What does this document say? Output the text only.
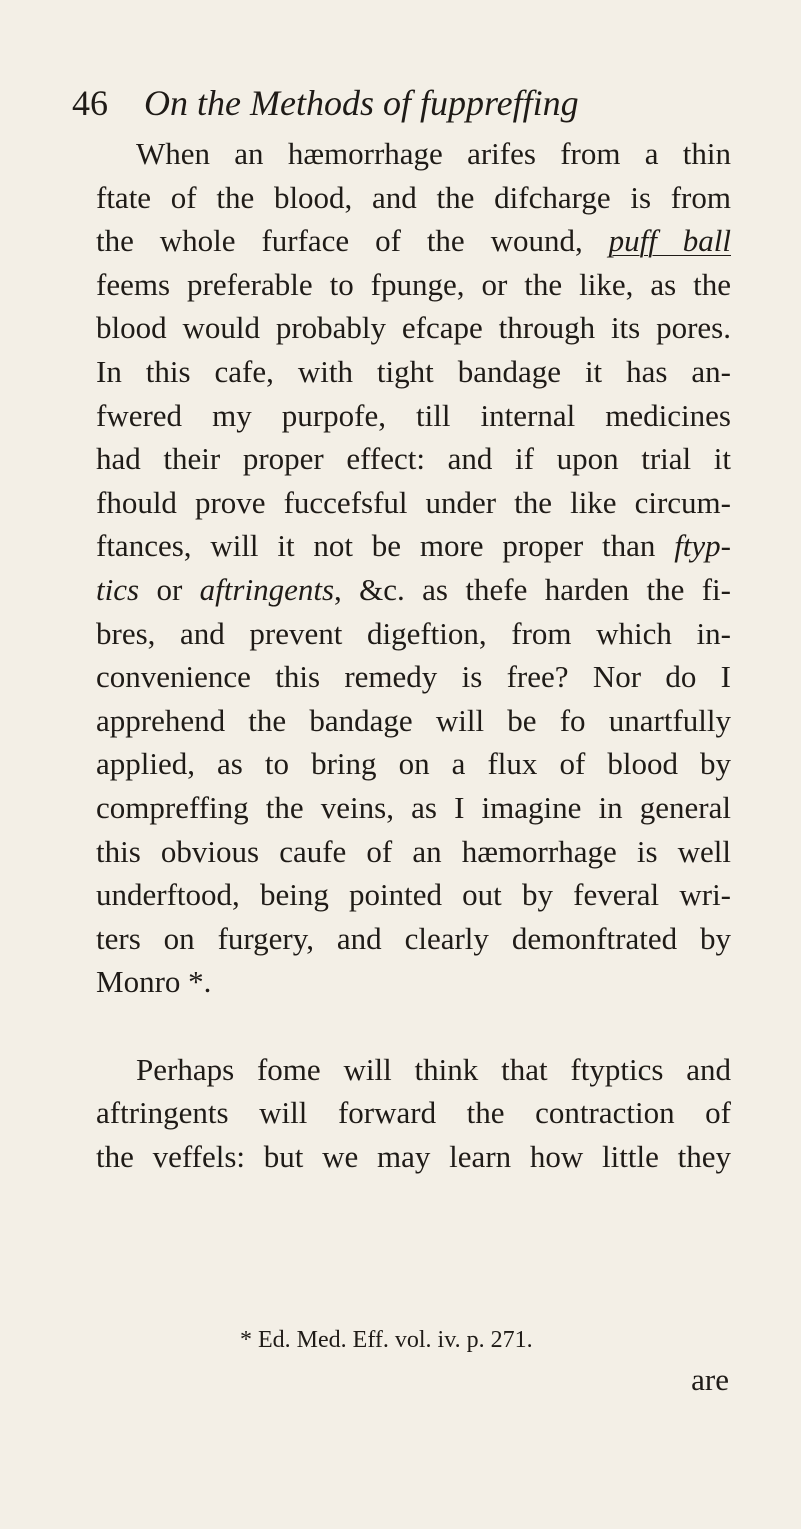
46 On the Methods of fuppreffing
When an hæmorrhage arifes from a thin
ftate of the blood, and the difcharge is from
the whole furface of the wound, puff ball
feems preferable to fpunge, or the like, as the
blood would probably efcape through its pores.
In this cafe, with tight bandage it has an-
fwered my purpofe, till internal medicines
had their proper effect: and if upon trial it
fhould prove fuccefsful under the like circum-
ftances, will it not be more proper than ftyp-
tics or aftringents, &c. as thefe harden the fi-
bres, and prevent digeftion, from which in-
convenience this remedy is free? Nor do I
apprehend the bandage will be fo unartfully
applied, as to bring on a flux of blood by
compreffing the veins, as I imagine in general
this obvious caufe of an hæmorrhage is well
underftood, being pointed out by feveral wri-
ters on furgery, and clearly demonftrated by
Monro *.
Perhaps fome will think that ftyptics and
aftringents will forward the contraction of
the veffels: but we may learn how little they
* Ed. Med. Eff. vol. iv. p. 271.
are
